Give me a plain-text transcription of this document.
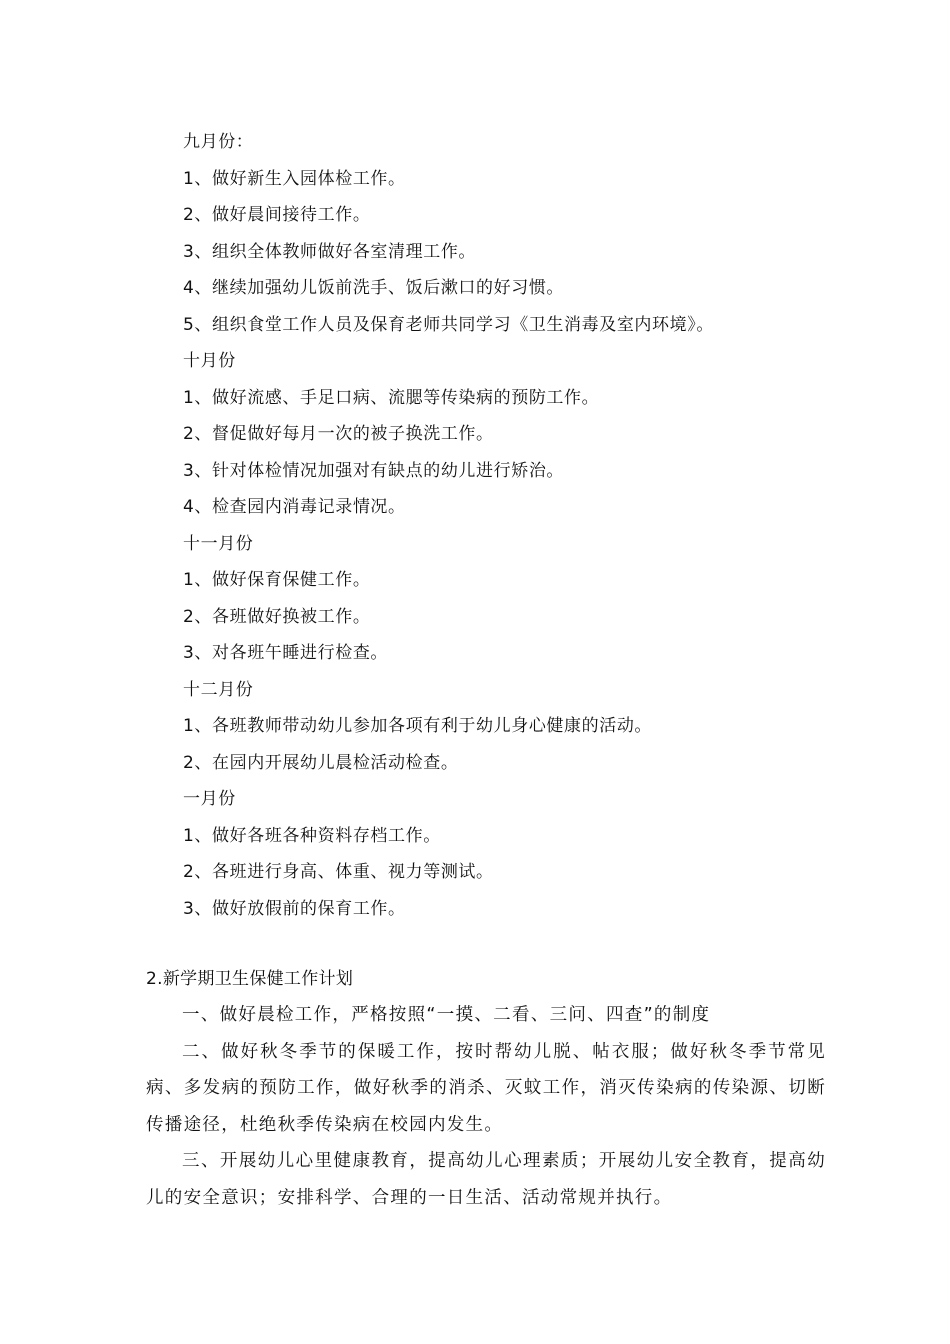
九月份：
1、做好新生入园体检工作。
2、做好晨间接待工作。
3、组织全体教师做好各室清理工作。
4、继续加强幼儿饭前洗手、饭后漱口的好习惯。
5、组织食堂工作人员及保育老师共同学习《卫生消毒及室内环境》。
十月份
1、做好流感、手足口病、流腮等传染病的预防工作。
2、督促做好每月一次的被子换洗工作。
3、针对体检情况加强对有缺点的幼儿进行矫治。
4、检查园内消毒记录情况。
十一月份
1、做好保育保健工作。
2、各班做好换被工作。
3、对各班午睡进行检查。
十二月份
1、各班教师带动幼儿参加各项有利于幼儿身心健康的活动。
2、在园内开展幼儿晨检活动检查。
一月份
1、做好各班各种资料存档工作。
2、各班进行身高、体重、视力等测试。
3、做好放假前的保育工作。
2.新学期卫生保健工作计划

一、做好晨检工作，严格按照“一摸、二看、三问、四查”的制度

二、做好秋冬季节的保暖工作，按时帮幼儿脱、帖衣服；做好秋冬季节常见病、多发病的预防工作，做好秋季的消杀、灭蚊工作，消灭传染病的传染源、切断传播途径，杜绝秋季传染病在校园内发生。

三、开展幼儿心里健康教育，提高幼儿心理素质；开展幼儿安全教育，提高幼儿的安全意识；安排科学、合理的一日生活、活动常规并执行。
